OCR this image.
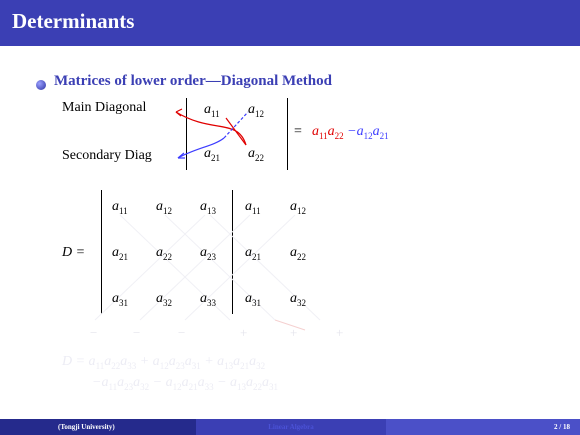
Determinants
Matrices of lower order—Diagonal Method
Main Diagonal
Secondary Diag
$a_{11}$ $a_{12}$
$a_{21}$ $a_{22}$
= $a_{11}a_{22} -a_{12}a_{21}$
D =
$a_{11}$ $a_{12}$ $a_{13}$ $a_{11}$ $a_{12}$
$a_{21}$ $a_{22}$ $a_{23}$ $a_{21}$ $a_{22}$
$a_{31}$ $a_{32}$ $a_{33}$ $a_{31}$ $a_{32}$
−	−	−	+	+	+
$D = a_{11}a_{22}a_{33} + a_{12}a_{23}a_{31} + a_{13}a_{21}a_{32}$
$-a_{11}a_{23}a_{32} - a_{12}a_{21}a_{33} - a_{13}a_{22}a_{31}$
(Tongji University)	Linear Algebra	2 / 18
